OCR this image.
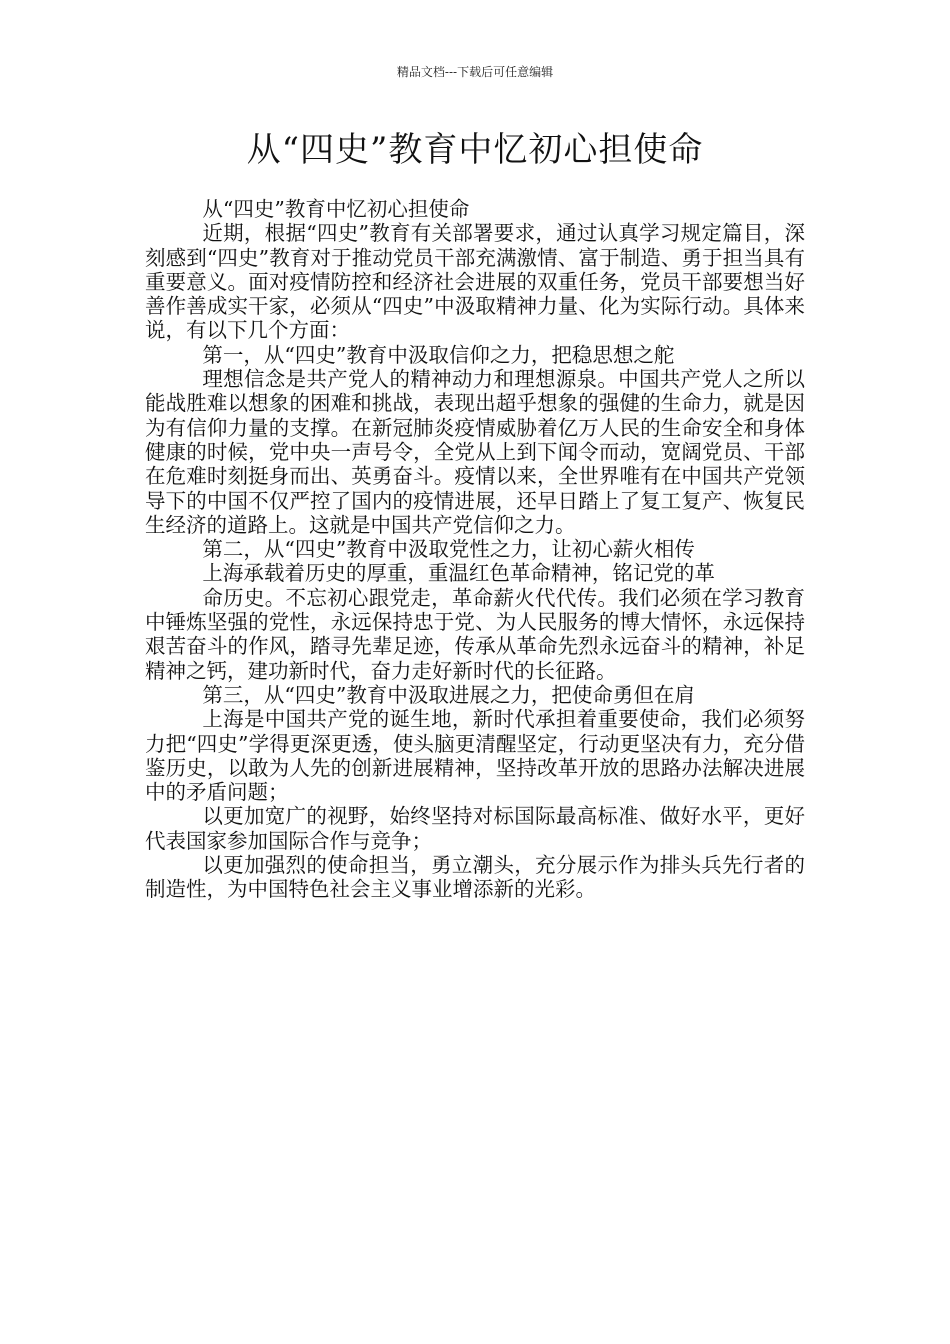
精品文档---下载后可任意编辑
从“四史”教育中忆初心担使命

从“四史”教育中忆初心担使命

近期，根据“四史”教育有关部署要求，通过认真学习规定篇目，深刻感到“四史”教育对于推动党员干部充满激情、富于制造、勇于担当具有重要意义。面对疫情防控和经济社会进展的双重任务，党员干部要想当好善作善成实干家，必须从“四史”中汲取精神力量、化为实际行动。具体来说，有以下几个方面：

第一，从“四史”教育中汲取信仰之力，把稳思想之舵

理想信念是共产党人的精神动力和理想源泉。中国共产党人之所以能战胜难以想象的困难和挑战，表现出超乎想象的强健的生命力，就是因为有信仰力量的支撑。在新冠肺炎疫情威胁着亿万人民的生命安全和身体健康的时候，党中央一声号令，全党从上到下闻令而动，宽阔党员、干部在危难时刻挺身而出、英勇奋斗。疫情以来，全世界唯有在中国共产党领导下的中国不仅严控了国内的疫情进展，还早日踏上了复工复产、恢复民生经济的道路上。这就是中国共产党信仰之力。

第二，从“四史”教育中汲取党性之力，让初心薪火相传

上海承载着历史的厚重，重温红色革命精神，铭记党的革

命历史。不忘初心跟党走，革命薪火代代传。我们必须在学习教育中锤炼坚强的党性，永远保持忠于党、为人民服务的博大情怀，永远保持艰苦奋斗的作风，踏寻先辈足迹，传承从革命先烈永远奋斗的精神，补足精神之钙，建功新时代，奋力走好新时代的长征路。

第三，从“四史”教育中汲取进展之力，把使命勇但在肩

上海是中国共产党的诞生地，新时代承担着重要使命，我们必须努力把“四史”学得更深更透，使头脑更清醒坚定，行动更坚决有力，充分借鉴历史，以敢为人先的创新进展精神，坚持改革开放的思路办法解决进展中的矛盾问题；

以更加宽广的视野，始终坚持对标国际最高标准、做好水平，更好代表国家参加国际合作与竞争；

以更加强烈的使命担当，勇立潮头，充分展示作为排头兵先行者的制造性，为中国特色社会主义事业增添新的光彩。
